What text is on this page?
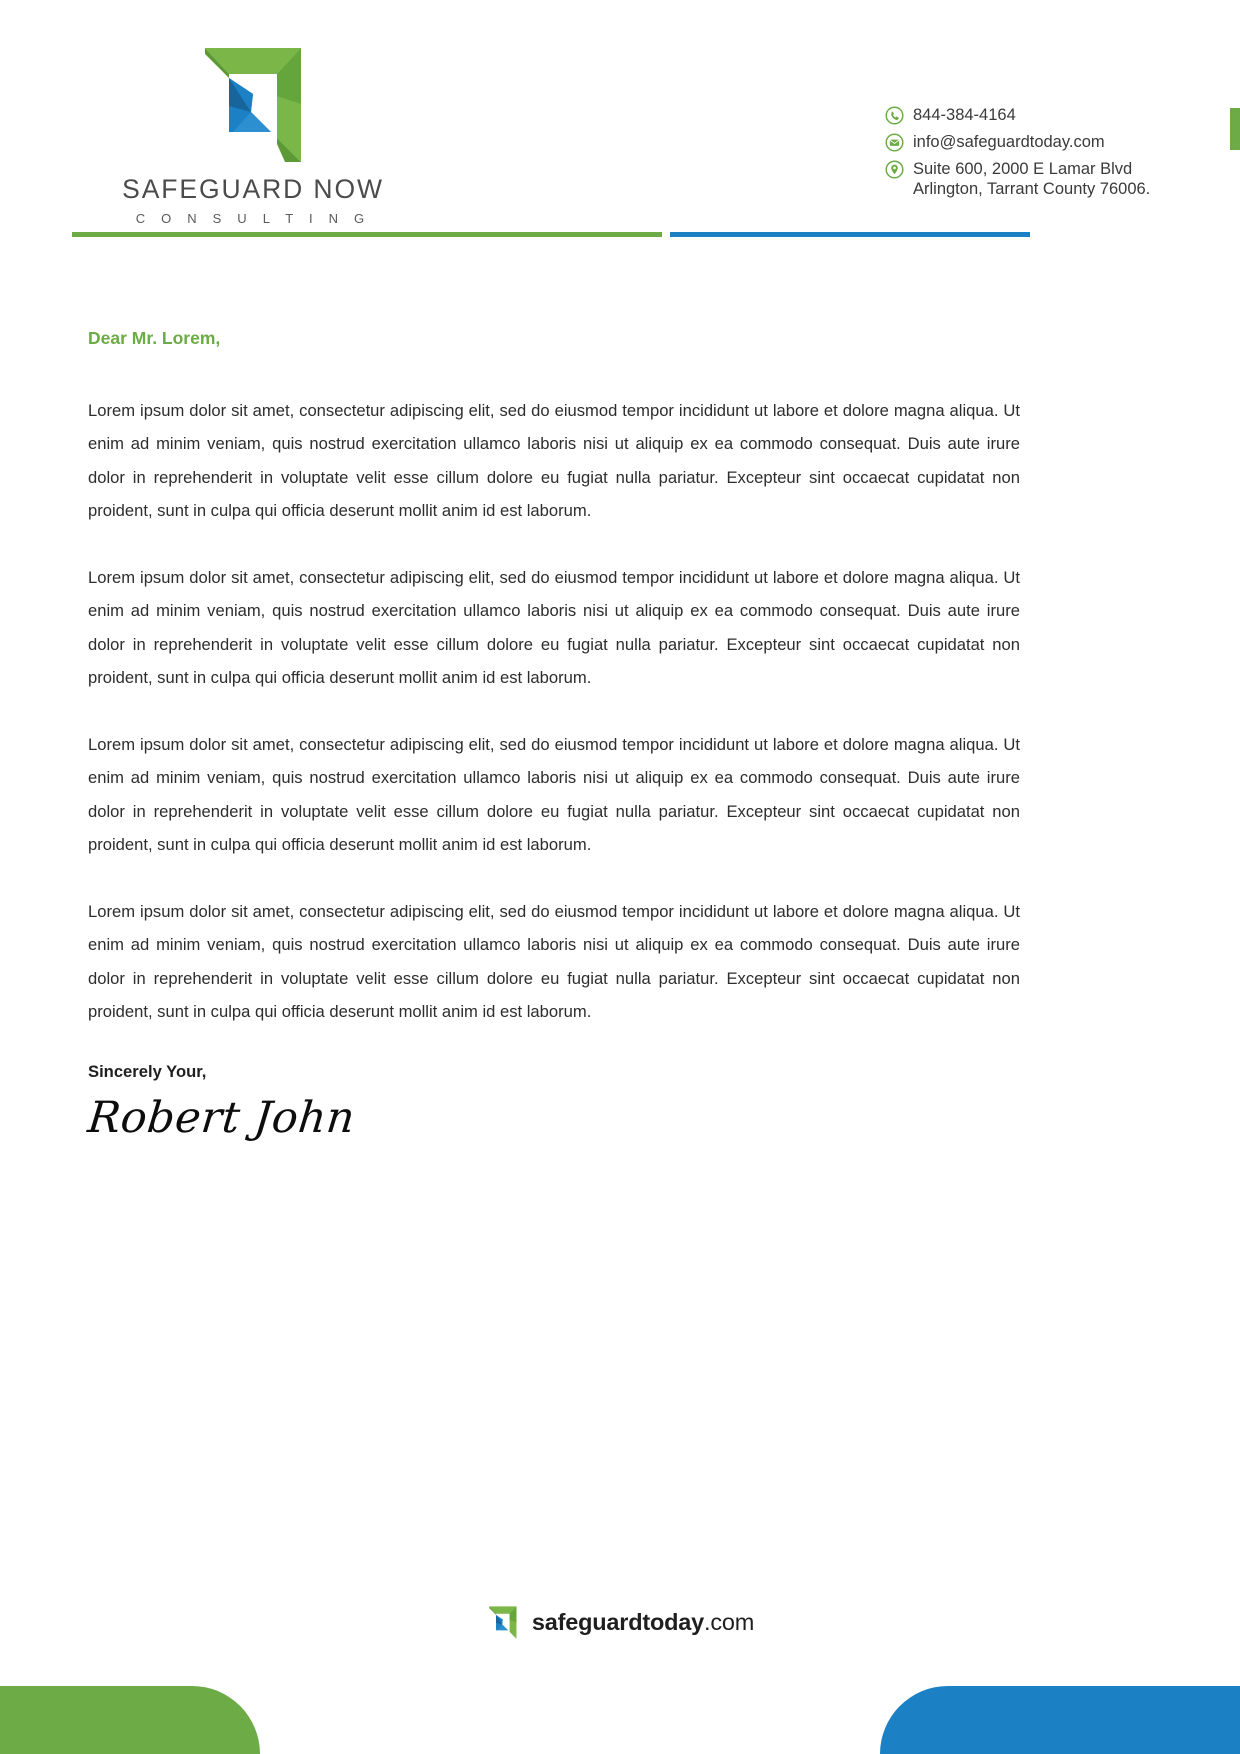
SAFEGUARD NOW
C O N S U L T I N G
844-384-4164
info@safeguardtoday.com
Suite 600, 2000 E Lamar Blvd
Arlington, Tarrant County 76006.
Dear Mr. Lorem,

Lorem ipsum dolor sit amet, consectetur adipiscing elit, sed do eiusmod tempor incididunt ut labore et dolore magna aliqua. Ut enim ad minim veniam, quis nostrud exercitation ullamco laboris nisi ut aliquip ex ea commodo consequat. Duis aute irure dolor in reprehenderit in voluptate velit esse cillum dolore eu fugiat nulla pariatur. Excepteur sint occaecat cupidatat non proident, sunt in culpa qui officia deserunt mollit anim id est laborum.

Lorem ipsum dolor sit amet, consectetur adipiscing elit, sed do eiusmod tempor incididunt ut labore et dolore magna aliqua. Ut enim ad minim veniam, quis nostrud exercitation ullamco laboris nisi ut aliquip ex ea commodo consequat. Duis aute irure dolor in reprehenderit in voluptate velit esse cillum dolore eu fugiat nulla pariatur. Excepteur sint occaecat cupidatat non proident, sunt in culpa qui officia deserunt mollit anim id est laborum.

Lorem ipsum dolor sit amet, consectetur adipiscing elit, sed do eiusmod tempor incididunt ut labore et dolore magna aliqua. Ut enim ad minim veniam, quis nostrud exercitation ullamco laboris nisi ut aliquip ex ea commodo consequat. Duis aute irure dolor in reprehenderit in voluptate velit esse cillum dolore eu fugiat nulla pariatur. Excepteur sint occaecat cupidatat non proident, sunt in culpa qui officia deserunt mollit anim id est laborum.

Lorem ipsum dolor sit amet, consectetur adipiscing elit, sed do eiusmod tempor incididunt ut labore et dolore magna aliqua. Ut enim ad minim veniam, quis nostrud exercitation ullamco laboris nisi ut aliquip ex ea commodo consequat. Duis aute irure dolor in reprehenderit in voluptate velit esse cillum dolore eu fugiat nulla pariatur. Excepteur sint occaecat cupidatat non proident, sunt in culpa qui officia deserunt mollit anim id est laborum.

Sincerely Your,
Robert John
safeguardtoday.com
